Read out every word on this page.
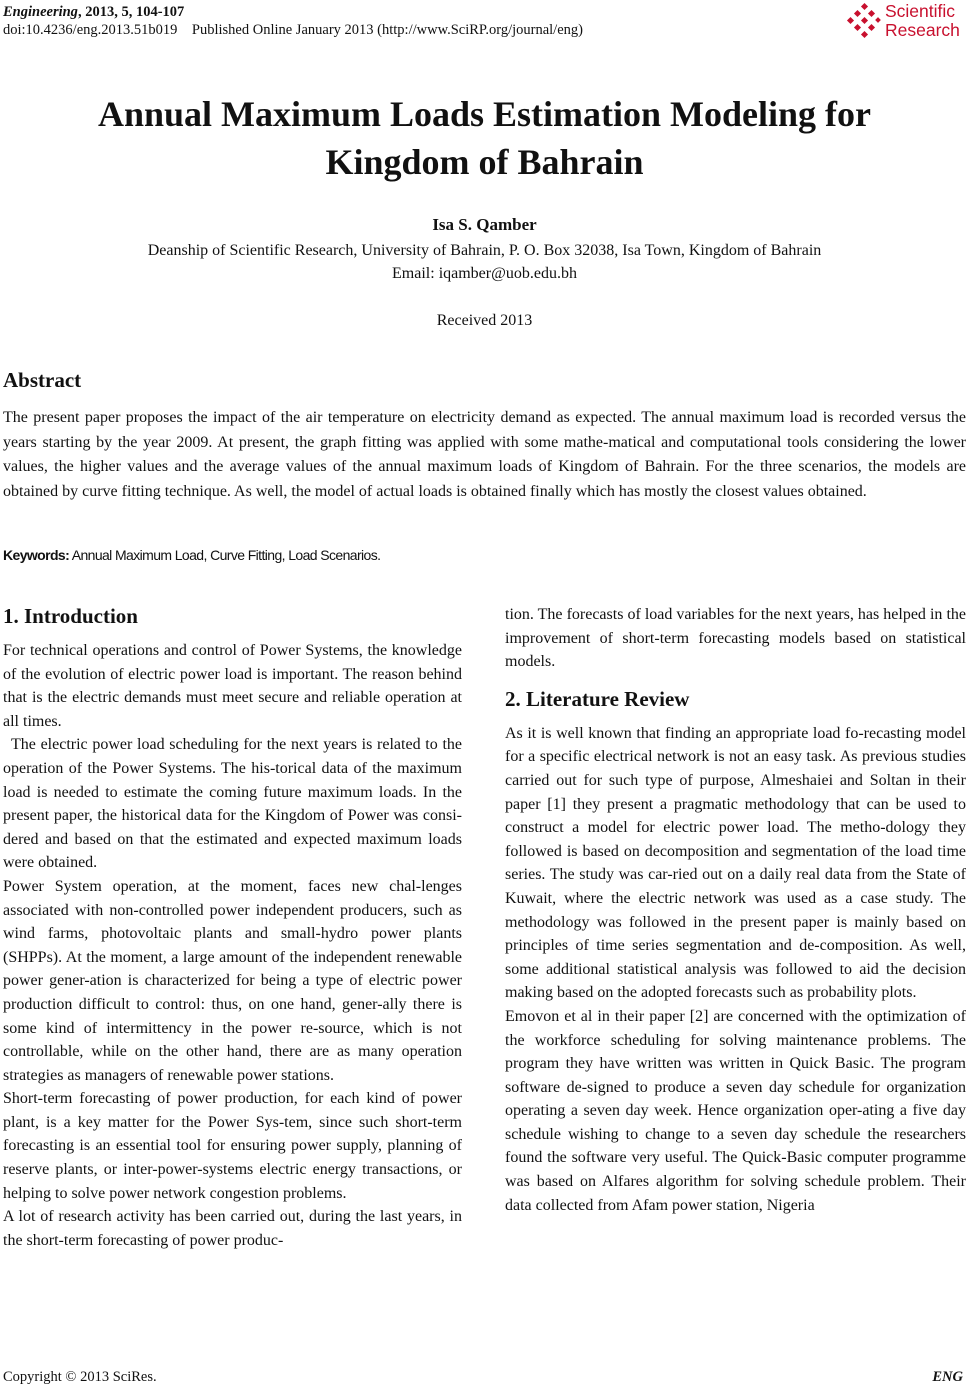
Engineering, 2013, 5, 104-107
doi:10.4236/eng.2013.51b019    Published Online January 2013 (http://www.SciRP.org/journal/eng)
Scientific
Research
Annual Maximum Loads Estimation Modeling for
Kingdom of Bahrain
Isa S. Qamber
Deanship of Scientific Research, University of Bahrain, P. O. Box 32038, Isa Town, Kingdom of Bahrain
Email: iqamber@uob.edu.bh
Received 2013
Abstract
The present paper proposes the impact of the air temperature on electricity demand as expected. The annual maximum load is recorded versus the years starting by the year 2009. At present, the graph fitting was applied with some mathe-matical and computational tools considering the lower values, the higher values and the average values of the annual maximum loads of Kingdom of Bahrain. For the three scenarios, the models are obtained by curve fitting technique. As well, the model of actual loads is obtained finally which has mostly the closest values obtained.
Keywords: Annual Maximum Load, Curve Fitting, Load Scenarios.
1. Introduction

For technical operations and control of Power Systems, the knowledge of the evolution of electric power load is important. The reason behind that is the electric demands must meet secure and reliable operation at all times.

The electric power load scheduling for the next years is related to the operation of the Power Systems. The his-torical data of the maximum load is needed to estimate the coming future maximum loads. In the present paper, the historical data for the Kingdom of Power was consi-dered and based on that the estimated and expected maximum loads were obtained.

Power System operation, at the moment, faces new chal-lenges associated with non-controlled power independent producers, such as wind farms, photovoltaic plants and small-hydro power plants (SHPPs). At the moment, a large amount of the independent renewable power gener-ation is characterized for being a type of electric power production difficult to control: thus, on one hand, gener-ally there is some kind of intermittency in the power re-source, which is not controllable, while on the other hand, there are as many operation strategies as managers of renewable power stations.

Short-term forecasting of power production, for each kind of power plant, is a key matter for the Power Sys-tem, since such short-term forecasting is an essential tool for ensuring power supply, planning of reserve plants, or inter-power-systems electric energy transactions, or helping to solve power network congestion problems.

A lot of research activity has been carried out, during the last years, in the short-term forecasting of power produc-

tion. The forecasts of load variables for the next years, has helped in the improvement of short-term forecasting models based on statistical models.

2. Literature Review

As it is well known that finding an appropriate load fo-recasting model for a specific electrical network is not an easy task. As previous studies carried out for such type of purpose, Almeshaiei and Soltan in their paper [1] they present a pragmatic methodology that can be used to construct a model for electric power load. The metho-dology they followed is based on decomposition and segmentation of the load time series. The study was car-ried out on a daily real data from the State of Kuwait, where the electric network was used as a case study. The methodology was followed in the present paper is mainly based on principles of time series segmentation and de-composition. As well, some additional statistical analysis was followed to aid the decision making based on the adopted forecasts such as probability plots.

Emovon et al in their paper [2] are concerned with the optimization of the workforce scheduling for solving maintenance problems. The program they have written was written in Quick Basic. The program software de-signed to produce a seven day schedule for organization operating a seven day week. Hence organization oper-ating a five day schedule wishing to change to a seven day schedule the researchers found the software very useful. The Quick-Basic computer programme was based on Alfares algorithm for solving schedule problem. Their data collected from Afam power station, Nigeria

Copyright © 2013 SciRes.	ENG
